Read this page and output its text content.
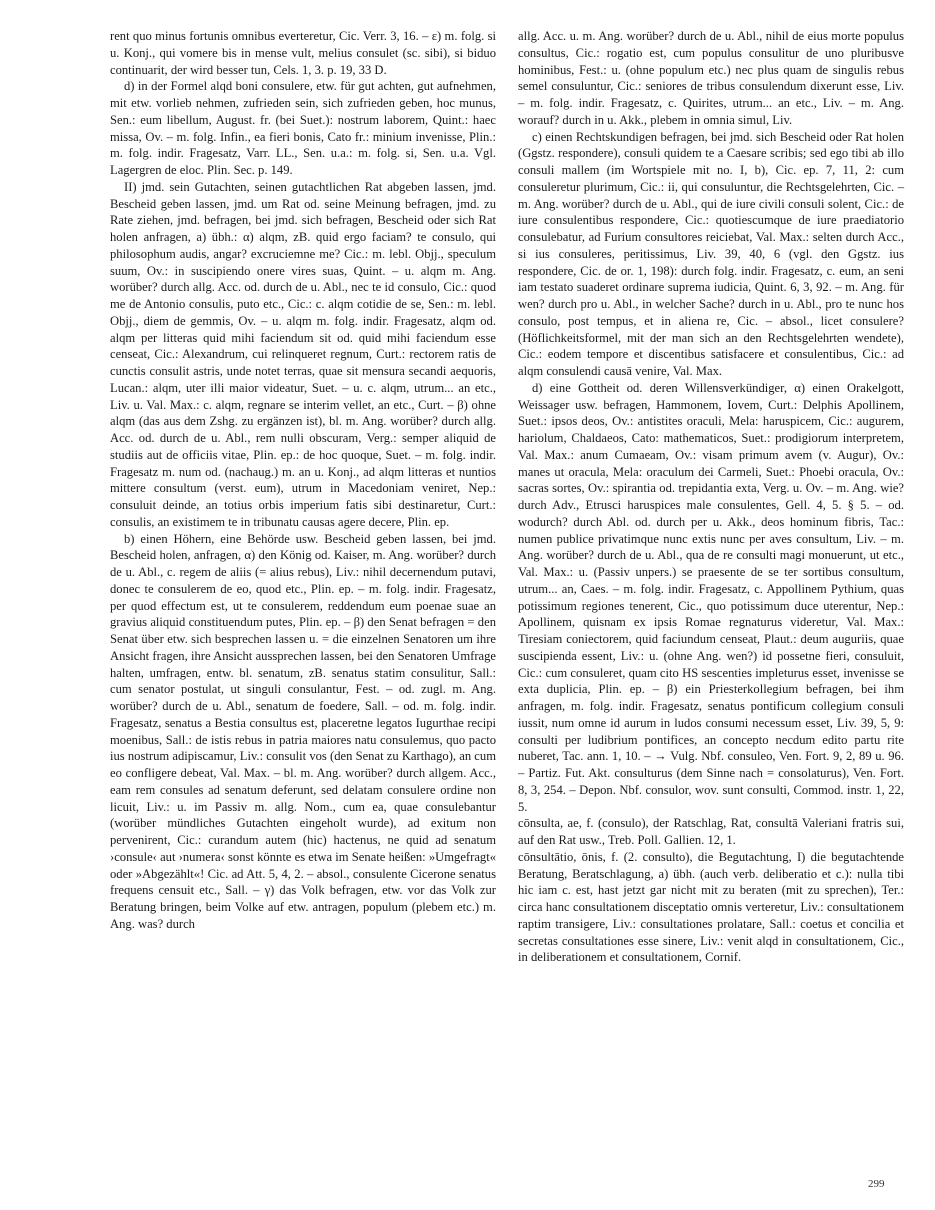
rent quo minus fortunis omnibus everteretur, Cic. Verr. 3, 16. – ε) m. folg. si u. Konj., qui vomere bis in mense vult, melius consulet (sc. sibi), si biduo continuarit, der wird besser tun, Cels. 1, 3. p. 19, 33 D.

d) in der Formel alqd boni consulere, etw. für gut achten, gut aufnehmen, mit etw. vorlieb nehmen, zufrieden sein, sich zufrieden geben, hoc munus, Sen.: eum libellum, August. fr. (bei Suet.): nostrum laborem, Quint.: haec missa, Ov. – m. folg. Infin., ea fieri bonis, Cato fr.: minium invenisse, Plin.: m. folg. indir. Fragesatz, Varr. LL., Sen. u.a.: m. folg. si, Sen. u.a. Vgl. Lagergren de eloc. Plin. Sec. p. 149.

II) jmd. sein Gutachten, seinen gutachtlichen Rat abgeben lassen, jmd. Bescheid geben lassen, jmd. um Rat od. seine Meinung befragen, jmd. zu Rate ziehen, jmd. befragen, bei jmd. sich befragen, Bescheid oder sich Rat holen anfragen, a) übh.: α) alqm, zB. quid ergo faciam? te consulo, qui philosophum audis, angar? excruciemne me? Cic.: m. lebl. Objj., speculum suum, Ov.: in suscipiendo onere vires suas, Quint. – u. alqm m. Ang. worüber? durch allg. Acc. od. durch de u. Abl., nec te id consulo, Cic.: quod me de Antonio consulis, puto etc., Cic.: c. alqm cotidie de se, Sen.: m. lebl. Objj., diem de gemmis, Ov. – u. alqm m. folg. indir. Fragesatz, alqm od. alqm per litteras quid mihi faciendum sit od. quid mihi faciendum esse censeat, Cic.: Alexandrum, cui relinqueret regnum, Curt.: rectorem ratis de cunctis consulit astris, unde notet terras, quae sit mensura secandi aequoris, Lucan.: alqm, uter illi maior videatur, Suet. – u. c. alqm, utrum... an etc., Liv. u. Val. Max.: c. alqm, regnare se interim vellet, an etc., Curt. – β) ohne alqm (das aus dem Zshg. zu ergänzen ist), bl. m. Ang. worüber? durch allg. Acc. od. durch de u. Abl., rem nulli obscuram, Verg.: semper aliquid de studiis aut de officiis vitae, Plin. ep.: de hoc quoque, Suet. – m. folg. indir. Fragesatz m. num od. (nachaug.) m. an u. Konj., ad alqm litteras et nuntios mittere consultum (verst. eum), utrum in Macedoniam veniret, Nep.: consuluit deinde, an totius orbis imperium fatis sibi destinaretur, Curt.: consulis, an existimem te in tribunatu causas agere decere, Plin. ep.

b) einen Höhern, eine Behörde usw. Bescheid geben lassen, bei jmd. Bescheid holen, anfragen, α) den König od. Kaiser, m. Ang. worüber? durch de u. Abl., c. regem de aliis (= alius rebus), Liv.: nihil decernendum putavi, donec te consulerem de eo, quod etc., Plin. ep. – m. folg. indir. Fragesatz, per quod effectum est, ut te consulerem, reddendum eum poenae suae an gravius aliquid constituendum putes, Plin. ep. – β) den Senat befragen = den Senat über etw. sich besprechen lassen u. = die einzelnen Senatoren um ihre Ansicht fragen, ihre Ansicht aussprechen lassen, bei den Senatoren Umfrage halten, umfragen, entw. bl. senatum, zB. senatus statim consulitur, Sall.: cum senator postulat, ut singuli consulantur, Fest. – od. zugl. m. Ang. worüber? durch de u. Abl., senatum de foedere, Sall. – od. m. folg. indir. Fragesatz, senatus a Bestia consultus est, placeretne legatos Iugurthae recipi moenibus, Sall.: de istis rebus in patria maiores natu consulemus, quo pacto ius nostrum adipiscamur, Liv.: consulit vos (den Senat zu Karthago), an cum eo confligere debeat, Val. Max. – bl. m. Ang. worüber? durch allgem. Acc., eam rem consules ad senatum deferunt, sed delatam consulere ordine non licuit, Liv.: u. im Passiv m. allg. Nom., cum ea, quae consulebantur (worüber mündliches Gutachten eingeholt wurde), ad exitum non pervenirent, Cic.: curandum autem (hic) hactenus, ne quid ad senatum ›consule‹ aut ›numera‹ sonst könnte es etwa im Senate heißen: »Umgefragt« oder »Abgezählt«! Cic. ad Att. 5, 4, 2. – absol., consulente Cicerone senatus frequens censuit etc., Sall. – γ) das Volk befragen, etw. vor das Volk zur Beratung bringen, beim Volke auf etw. antragen, populum (plebem etc.) m. Ang. was? durch

allg. Acc. u. m. Ang. worüber? durch de u. Abl., nihil de eius morte populus consultus, Cic.: rogatio est, cum populus consulitur de uno pluribusve hominibus, Fest.: u. (ohne populum etc.) nec plus quam de singulis rebus semel consuluntur, Cic.: seniores de tribus consulendum dixerunt esse, Liv. – m. folg. indir. Fragesatz, c. Quirites, utrum... an etc., Liv. – m. Ang. worauf? durch in u. Akk., plebem in omnia simul, Liv.

c) einen Rechtskundigen befragen, bei jmd. sich Bescheid oder Rat holen (Ggstz. respondere), consuli quidem te a Caesare scribis; sed ego tibi ab illo consuli mallem (im Wortspiele mit no. I, b), Cic. ep. 7, 11, 2: cum consuleretur plurimum, Cic.: ii, qui consuluntur, die Rechtsgelehrten, Cic. – m. Ang. worüber? durch de u. Abl., qui de iure civili consuli solent, Cic.: de iure consulentibus respondere, Cic.: quotiescumque de iure praediatorio consulebatur, ad Furium consultores reiciebat, Val. Max.: selten durch Acc., si ius consuleres, peritissimus, Liv. 39, 40, 6 (vgl. den Ggstz. ius respondere, Cic. de or. 1, 198): durch folg. indir. Fragesatz, c. eum, an seni iam testato suaderet ordinare suprema iudicia, Quint. 6, 3, 92. – m. Ang. für wen? durch pro u. Abl., in welcher Sache? durch in u. Abl., pro te nunc hos consulo, post tempus, et in aliena re, Cic. – absol., licet consulere? (Höflichkeitsformel, mit der man sich an den Rechtsgelehrten wendete), Cic.: eodem tempore et discentibus satisfacere et consulentibus, Cic.: ad alqm consulendi causā venire, Val. Max.

d) eine Gottheit od. deren Willensverkündiger, α) einen Orakelgott, Weissager usw. befragen, Hammonem, Iovem, Curt.: Delphis Apollinem, Suet.: ipsos deos, Ov.: antistites oraculi, Mela: haruspicem, Cic.: augurem, hariolum, Chaldaeos, Cato: mathematicos, Suet.: prodigiorum interpretem, Val. Max.: anum Cumaeam, Ov.: visam primum avem (v. Augur), Ov.: manes ut oracula, Mela: oraculum dei Carmeli, Suet.: Phoebi oracula, Ov.: sacras sortes, Ov.: spirantia od. trepidantia exta, Verg. u. Ov. – m. Ang. wie? durch Adv., Etrusci haruspices male consulentes, Gell. 4, 5. § 5. – od. wodurch? durch Abl. od. durch per u. Akk., deos hominum fibris, Tac.: numen publice privatimque nunc extis nunc per aves consultum, Liv. – m. Ang. worüber? durch de u. Abl., qua de re consulti magi monuerunt, ut etc., Val. Max.: u. (Passiv unpers.) se praesente de se ter sortibus consultum, utrum... an, Caes. – m. folg. indir. Fragesatz, c. Appollinem Pythium, quas potissimum regiones tenerent, Cic., quo potissimum duce uterentur, Nep.: Apollinem, quisnam ex ipsis Romae regnaturus videretur, Val. Max.: Tiresiam coniectorem, quid faciundum censeat, Plaut.: deum auguriis, quae suscipienda essent, Liv.: u. (ohne Ang. wen?) id possetne fieri, consuluit, Cic.: cum consuleret, quam cito HS sescenties impleturus esset, invenisse se exta duplicia, Plin. ep. – β) ein Priesterkollegium befragen, bei ihm anfragen, m. folg. indir. Fragesatz, senatus pontificum collegium consuli iussit, num omne id aurum in ludos consumi necessum esset, Liv. 39, 5, 9: consulti per ludibrium pontifices, an concepto necdum edito partu rite nuberet, Tac. ann. 1, 10. – → Vulg. Nbf. consuleo, Ven. Fort. 9, 2, 89 u. 96. – Partiz. Fut. Akt. consulturus (dem Sinne nach = consolaturus), Ven. Fort. 8, 3, 254. – Depon. Nbf. consulor, wov. sunt consulti, Commod. instr. 1, 22, 5.

cōnsulta, ae, f. (consulo), der Ratschlag, Rat, consultā Valeriani fratris sui, auf den Rat usw., Treb. Poll. Gallien. 12, 1.

cōnsultātio, ōnis, f. (2. consulto), die Begutachtung, I) die begutachtende Beratung, Beratschlagung, a) übh. (auch verb. deliberatio et c.): nulla tibi hic iam c. est, hast jetzt gar nicht mit zu beraten (mit zu sprechen), Ter.: circa hanc consultationem disceptatio omnis verteretur, Liv.: consultationem raptim transigere, Liv.: consultationes prolatare, Sall.: coetus et concilia et secretas consultationes esse sinere, Liv.: venit alqd in consultationem, Cic., in deliberationem et consultationem, Cornif.

299
